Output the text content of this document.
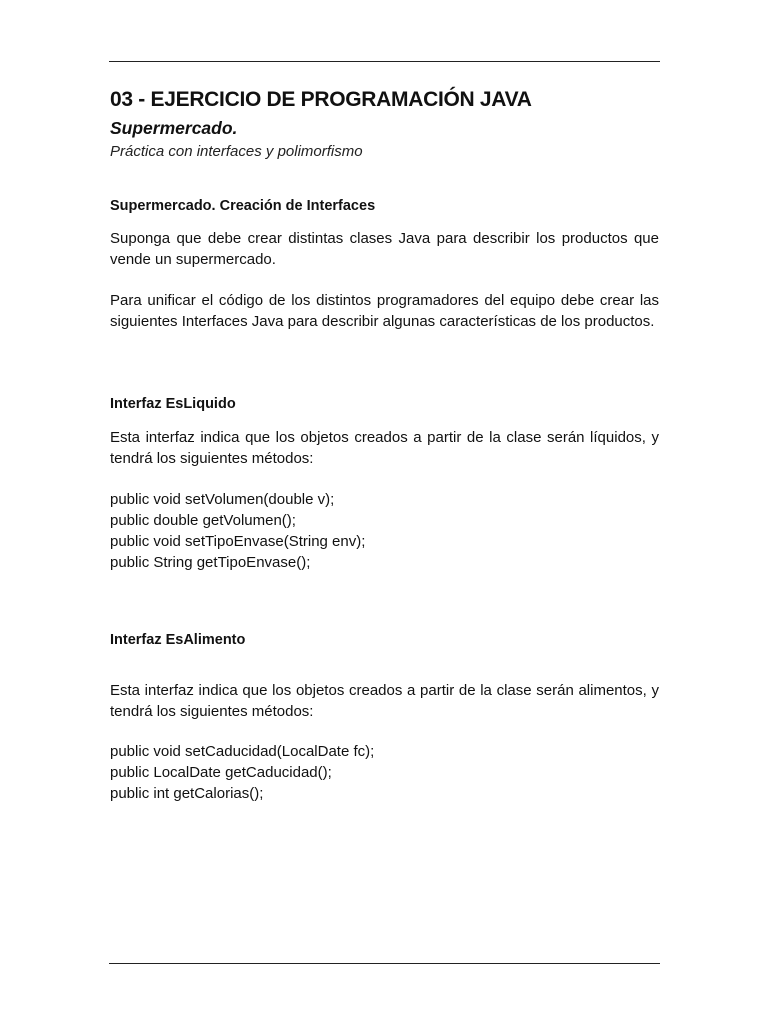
03 - EJERCICIO DE PROGRAMACIÓN JAVA
Supermercado.
Práctica con interfaces y polimorfismo
Supermercado. Creación de Interfaces
Suponga que debe crear distintas clases Java para describir los productos que vende un supermercado.
Para unificar el código de los distintos programadores del equipo debe crear las siguientes Interfaces Java para describir algunas características de los productos.
Interfaz EsLiquido
Esta interfaz indica que los objetos creados a partir de la clase serán líquidos, y tendrá los siguientes métodos:
public void setVolumen(double v);
public double getVolumen();
public void setTipoEnvase(String env);
public String getTipoEnvase();
Interfaz EsAlimento
Esta interfaz indica que los objetos creados a partir de la clase serán alimentos, y tendrá los siguientes métodos:
public void setCaducidad(LocalDate fc);
public LocalDate getCaducidad();
public int getCalorias();
